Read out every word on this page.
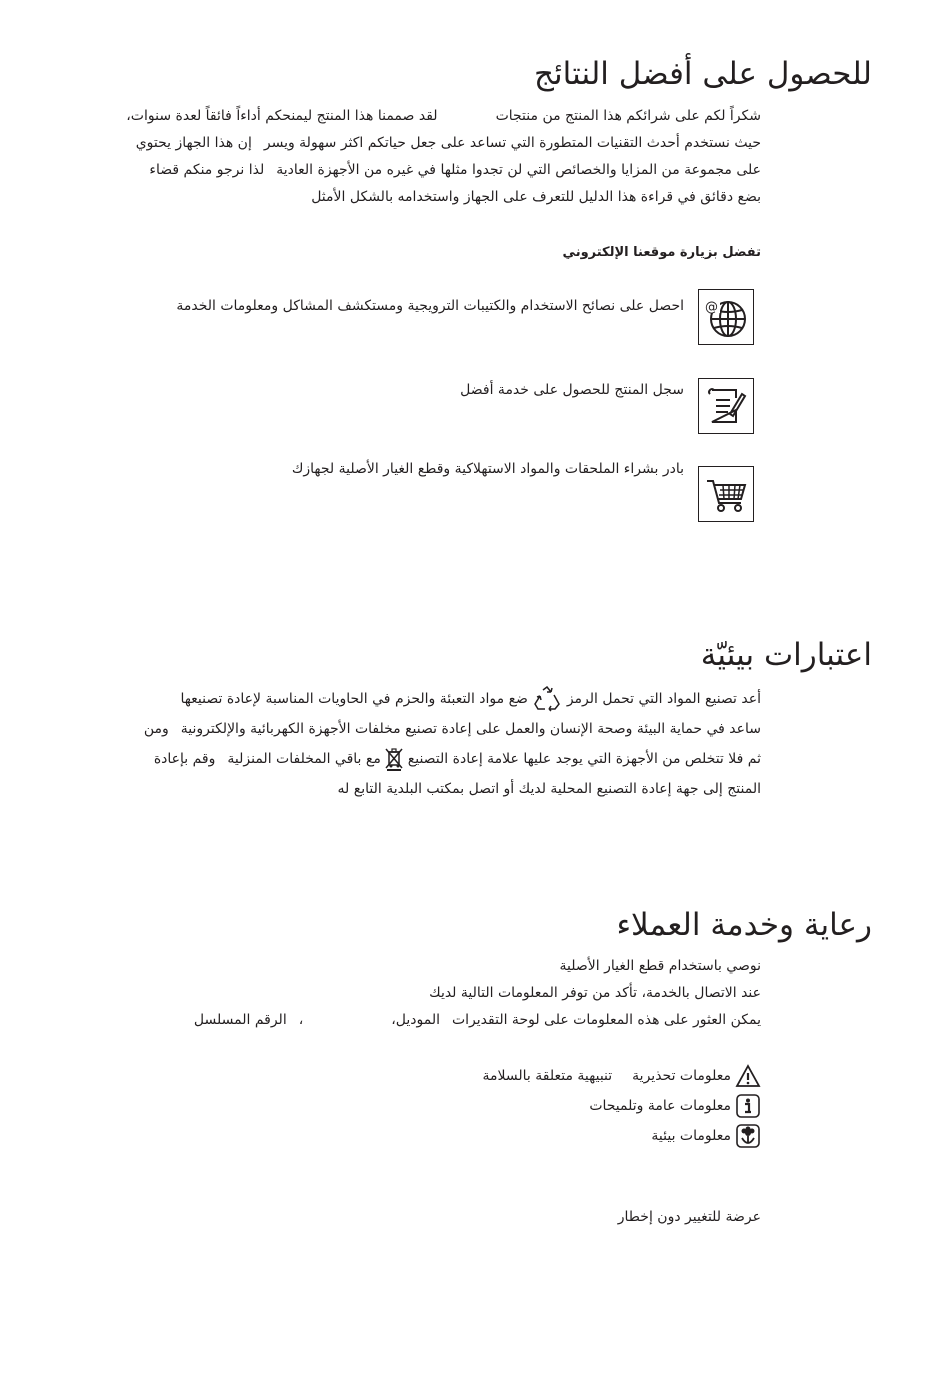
للحصول على أفضل النتائج
شكراً لكم على شرائكم هذا المنتج من منتجاتلقد صممنا هذا المنتج ليمنحكم أداءاً فائقاً لعدة سنوات،
حيث نستخدم أحدث التقنيات المتطورة التي تساعد على جعل حياتكم اكثر سهولة ويسرإن هذا الجهاز يحتوي
على مجموعة من المزايا والخصائص التي لن تجدوا مثلها في غيره من الأجهزة العاديةلذا نرجو منكم قضاء
بضع دقائق في قراءة هذا الدليل للتعرف على الجهاز واستخدامه بالشكل الأمثل
تفضل بزيارة موقعنا الإلكتروني
@
احصل على نصائح الاستخدام والكتيبات الترويجية ومستكشف المشاكل ومعلومات الخدمة
سجل المنتج للحصول على خدمة أفضل
بادر بشراء الملحقات والمواد الاستهلاكية وقطع الغيار الأصلية لجهازك
اعتبارات بيئيّة
أعد تصنيع المواد التي تحمل الرمز  ضع مواد التعبئة والحزم في الحاويات المناسبة لإعادة تصنيعها
ساعد في حماية البيئة وصحة الإنسان والعمل على إعادة تصنيع مخلفات الأجهزة الكهربائية والإلكترونيةومن
ثم فلا تتخلص من الأجهزة التي يوجد عليها علامة إعادة التصنيع  مع باقي المخلفات المنزليةوقم بإعادة
المنتج إلى جهة إعادة التصنيع المحلية لديك أو اتصل بمكتب البلدية التابع له
رعاية وخدمة العملاء
نوصي باستخدام قطع الغيار الأصلية
عند الاتصال بالخدمة، تأكد من توفر المعلومات التالية لديك
يمكن العثور على هذه المعلومات على لوحة التقديراتالموديل،،الرقم المسلسل
معلومات تحذيرية
تنبيهية متعلقة بالسلامة
معلومات عامة وتلميحات
معلومات بيئية
عرضة للتغيير دون إخطار
